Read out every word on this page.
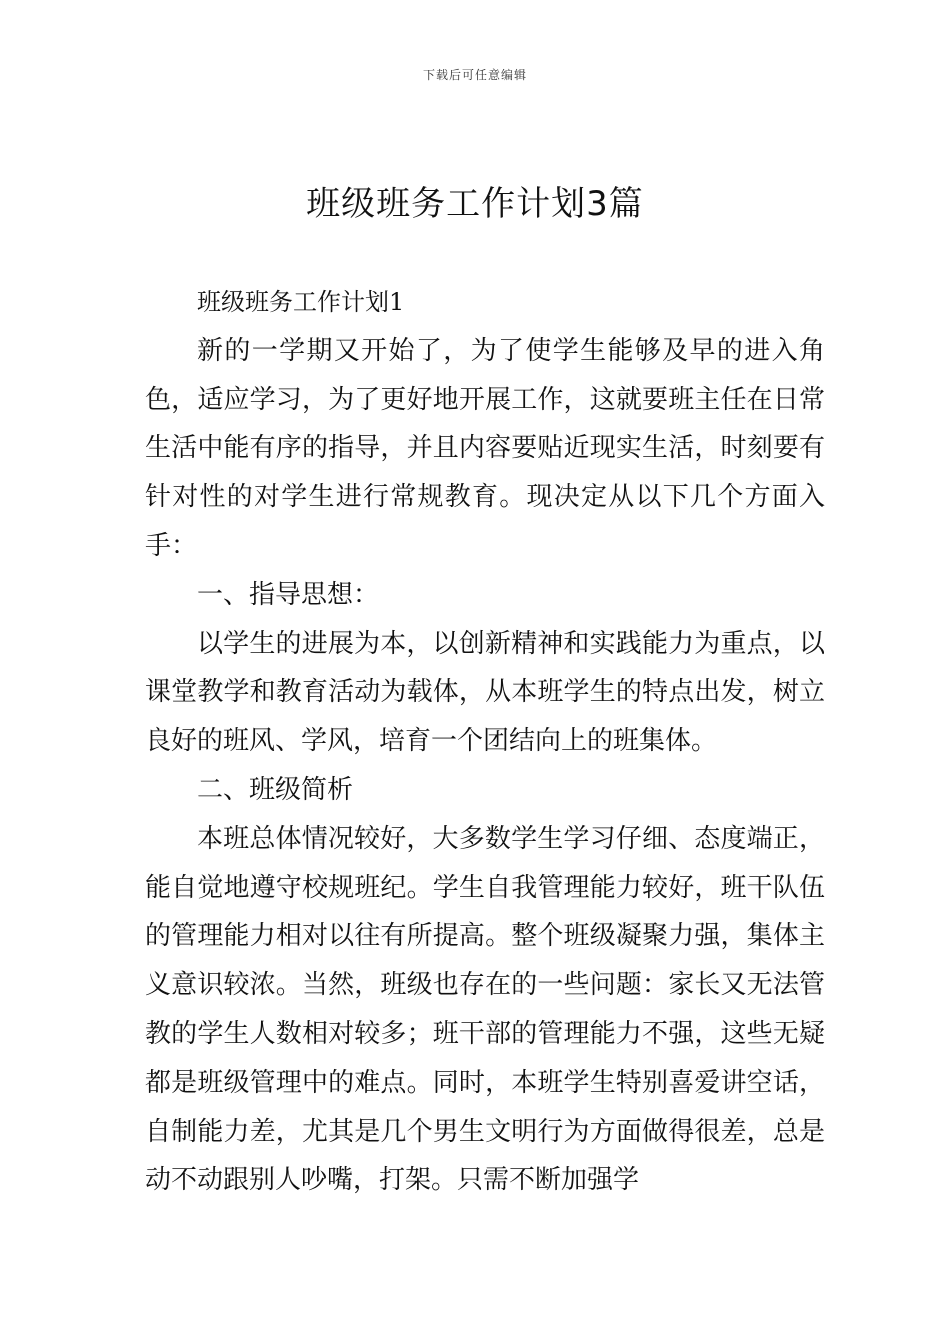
下载后可任意编辑
班级班务工作计划3篇

班级班务工作计划1

新的一学期又开始了，为了使学生能够及早的进入角色，适应学习，为了更好地开展工作，这就要班主任在日常生活中能有序的指导，并且内容要贴近现实生活，时刻要有针对性的对学生进行常规教育。现决定从以下几个方面入手：

一、指导思想：

以学生的进展为本，以创新精神和实践能力为重点，以课堂教学和教育活动为载体，从本班学生的特点出发，树立良好的班风、学风，培育一个团结向上的班集体。

二、班级简析

本班总体情况较好，大多数学生学习仔细、态度端正，能自觉地遵守校规班纪。学生自我管理能力较好，班干队伍的管理能力相对以往有所提高。整个班级凝聚力强，集体主义意识较浓。当然，班级也存在的一些问题：家长又无法管教的学生人数相对较多；班干部的管理能力不强，这些无疑都是班级管理中的难点。同时，本班学生特别喜爱讲空话，自制能力差，尤其是几个男生文明行为方面做得很差，总是动不动跟别人吵嘴，打架。只需不断加强学
